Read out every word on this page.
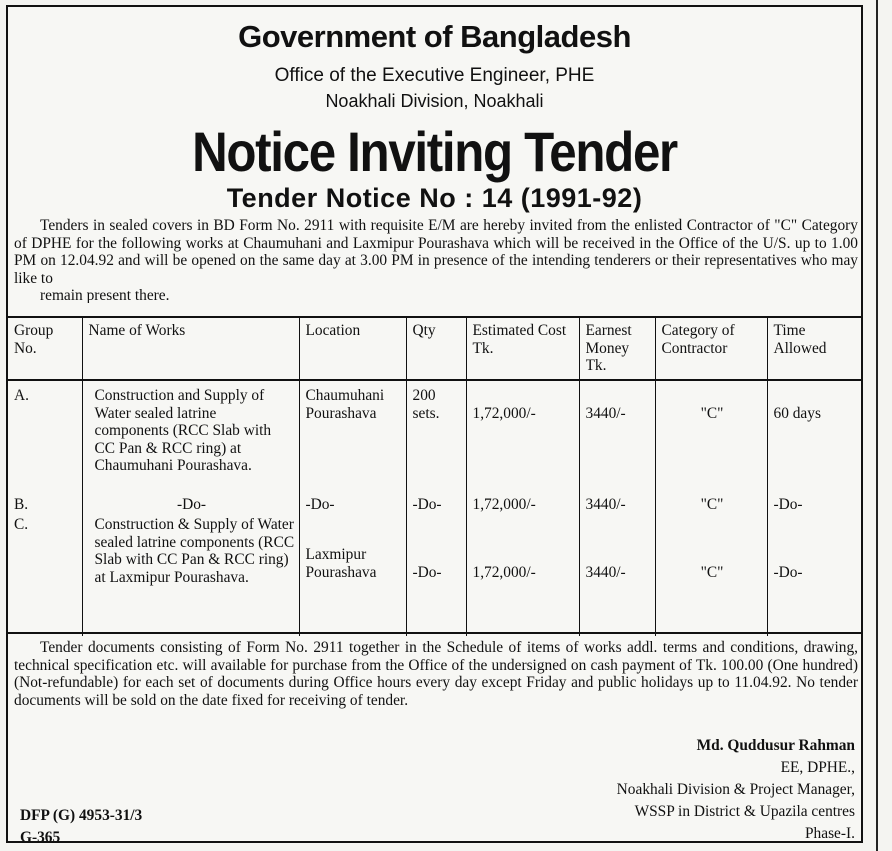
Government of Bangladesh
Office of the Executive Engineer, PHE
Noakhali Division, Noakhali
Notice Inviting Tender
Tender Notice No : 14 (1991-92)
Tenders in sealed covers in BD Form No. 2911 with requisite E/M are hereby invited from the enlisted Contractor of "C" Category of DPHE for the following works at Chaumuhani and Laxmipur Pourashava which will be received in the Office of the U/S. up to 1.00 PM on 12.04.92 and will be opened on the same day at 3.00 PM in presence of the intending tenderers or their representatives who may like to
remain present there.
Group No.	Name of Works	Location	Qty	Estimated Cost Tk.	Earnest Money Tk.	Category of Contractor	Time Allowed
A.	Construction and Supply of Water sealed latrine components (RCC Slab with CC Pan & RCC ring) at Chaumuhani Pourashava.	Chaumuhani Pourashava	200 sets.	1,72,000/-	3440/-	"C"	60 days
B.	-Do-	-Do-	-Do-	1,72,000/-	3440/-	"C"	-Do-
C.	Construction & Supply of Water sealed latrine components (RCC Slab with CC Pan & RCC ring) at Laxmipur Pourashava.	Laxmipur Pourashava	-Do-	1,72,000/-	3440/-	"C"	-Do-
Tender documents consisting of Form No. 2911 together in the Schedule of items of works addl. terms and conditions, drawing, technical specification etc. will available for purchase from the Office of the undersigned on cash payment of Tk. 100.00 (One hundred) (Not-refundable) for each set of documents during Office hours every day except Friday and public holidays up to 11.04.92. No tender documents will be sold on the date fixed for receiving of tender.
Md. Quddusur Rahman
EE, DPHE.,
Noakhali Division & Project Manager,
WSSP in District & Upazila centres
Phase-I.
DFP (G) 4953-31/3
G-365
